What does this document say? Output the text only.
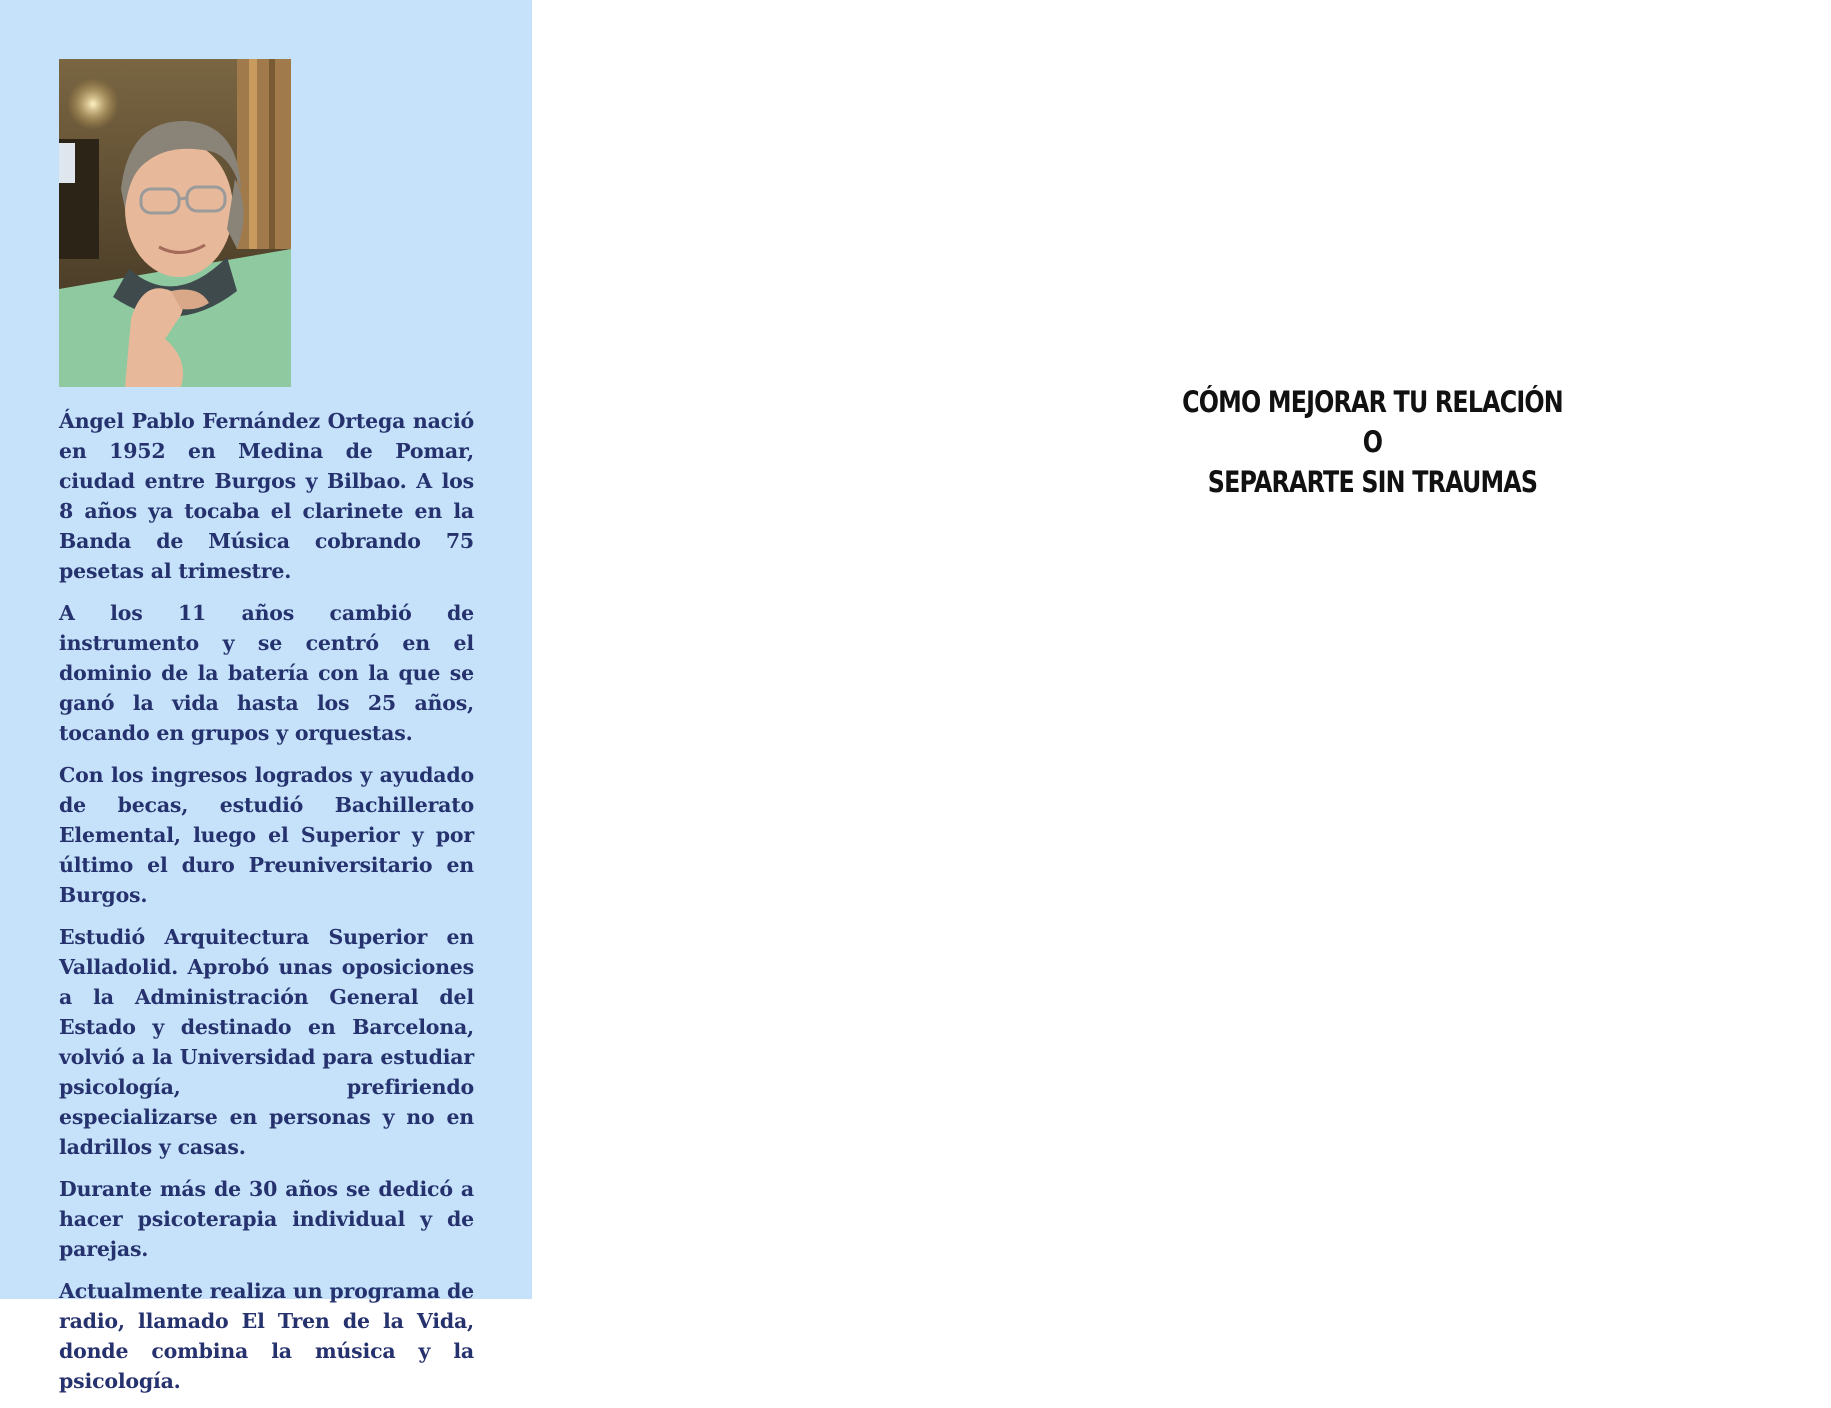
Ángel Pablo Fernández Ortega nació en 1952 en Medina de Pomar, ciudad entre Burgos y Bilbao. A los 8 años ya tocaba el clarinete en la Banda de Música cobrando 75 pesetas al trimestre.

A los 11 años cambió de instrumento y se centró en el dominio de la batería con la que se ganó la vida hasta los 25 años, tocando en grupos y orquestas.

Con los ingresos logrados y ayudado de becas, estudió Bachillerato Elemental, luego el Superior y por último el duro Preuniversitario en Burgos.

Estudió Arquitectura Superior en Valladolid. Aprobó unas oposiciones a la Administración General del Estado y destinado en Barcelona, volvió a la Universidad para estudiar psicología, prefiriendo especializarse en personas y no en ladrillos y casas.

Durante más de 30 años se dedicó a hacer psicoterapia individual y de parejas.

Actualmente realiza un programa de radio, llamado El Tren de la Vida, donde combina la música y la psicología.

CÓMO MEJORAR TU RELACIÓN
O
SEPARARTE SIN TRAUMAS
